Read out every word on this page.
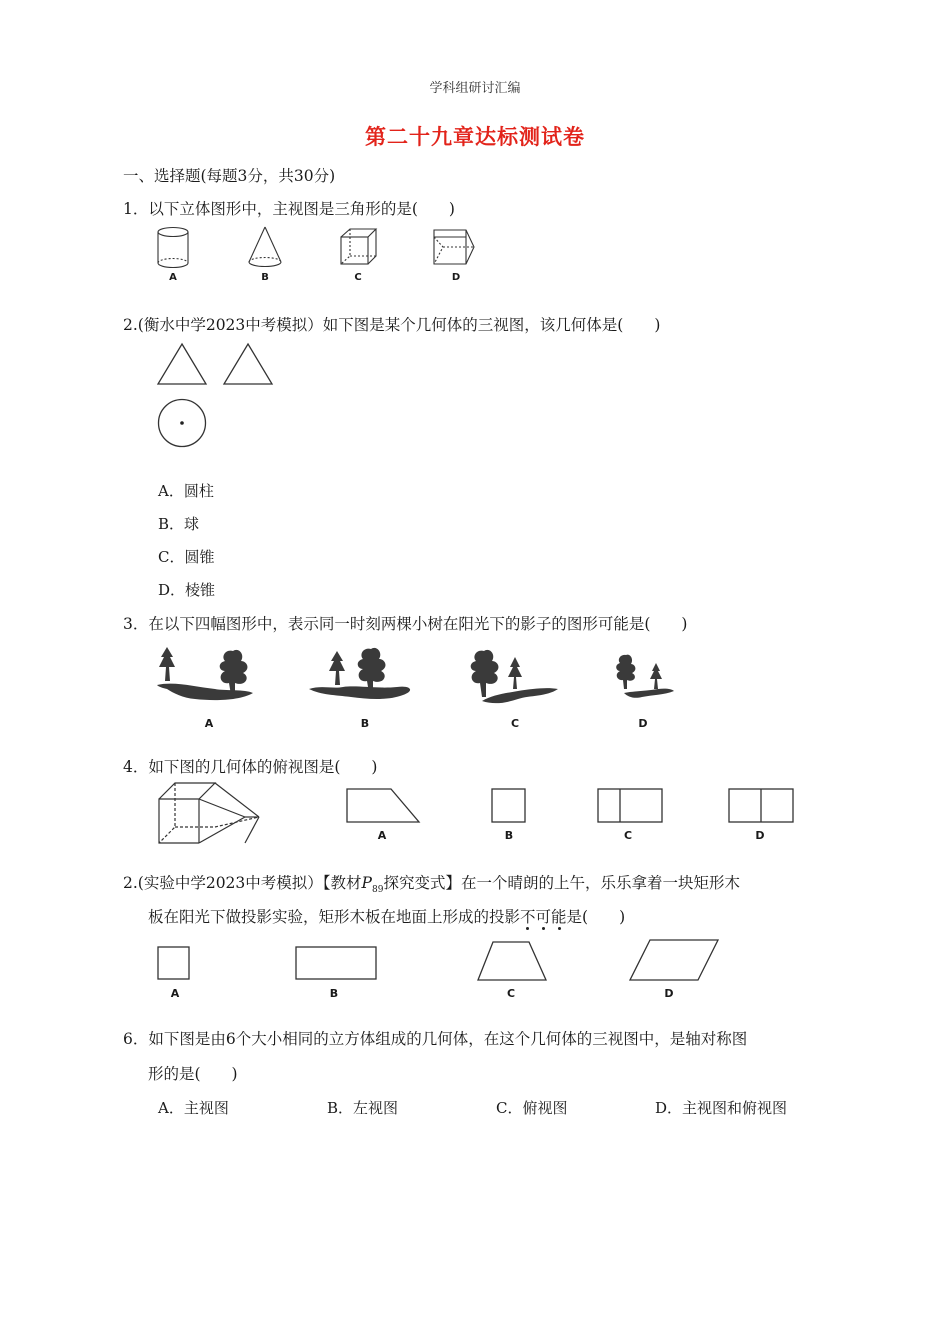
学科组研讨汇编
第二十九章达标测试卷
一、选择题(每题3分，共30分)
1．以下立体图形中，主视图是三角形的是(　　)
A	B	C	D
2.(衡水中学2023中考模拟）如下图是某个几何体的三视图，该几何体是(　　)
A．圆柱
B．球
C．圆锥
D．棱锥
3．在以下四幅图形中，表示同一时刻两棵小树在阳光下的影子的图形可能是(　　)
A	B	C	D
4．如下图的几何体的俯视图是(　　)
A	B	C	D
2.(实验中学2023中考模拟）【教材$P_{89}$探究变式】在一个晴朗的上午，乐乐拿着一块矩形木
板在阳光下做投影实验，矩形木板在地面上形成的投影不可能
是(　　)
A	B	C	D
6．如下图是由6个大小相同的立方体组成的几何体，在这个几何体的三视图中，是轴对称图
形的是(　　)
A．主视图	B．左视图	C．俯视图	D．主视图和俯视图
